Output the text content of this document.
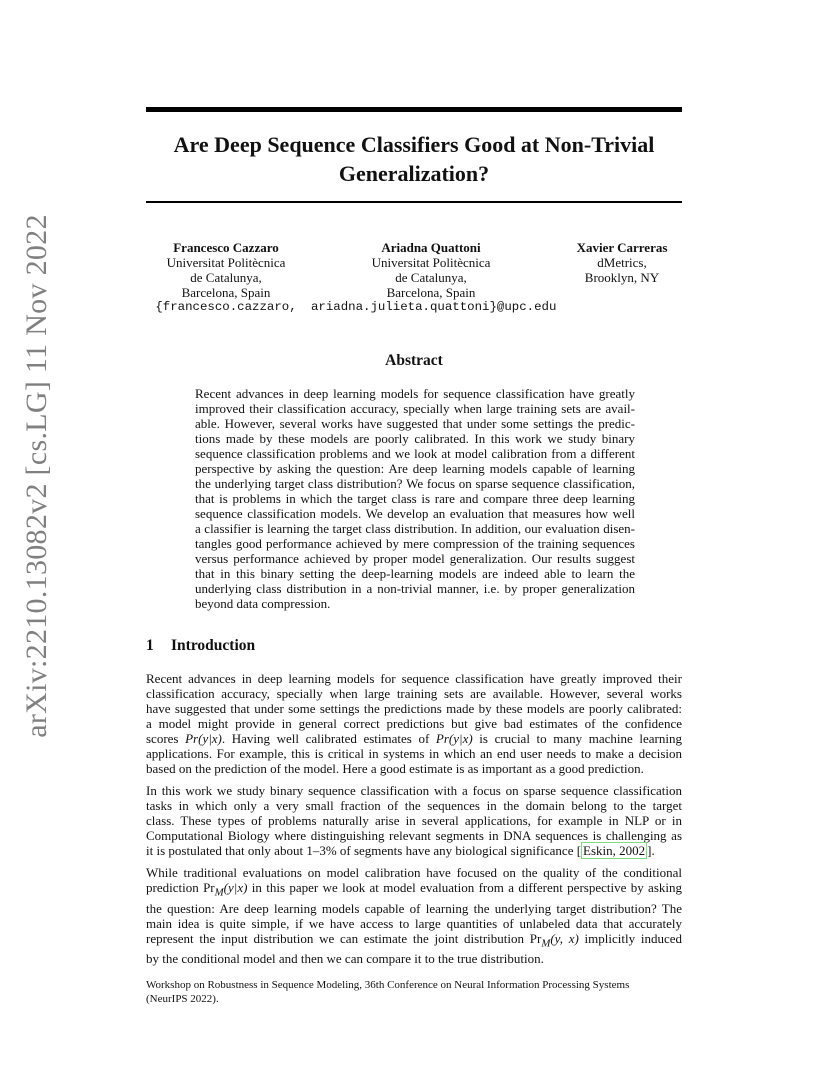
arXiv:2210.13082v2 [cs.LG] 11 Nov 2022
Are Deep Sequence Classifiers Good at Non-Trivial
Generalization?
Francesco Cazzaro
Universitat Politècnica
de Catalunya,
Barcelona, Spain
{francesco.cazzaro,
Ariadna Quattoni
Universitat Politècnica
de Catalunya,
Barcelona, Spain
ariadna.julieta.quattoni}@upc.edu
Xavier Carreras
dMetrics,
Brooklyn, NY
Abstract
Recent advances in deep learning models for sequence classification have greatly
improved their classification accuracy, specially when large training sets are avail-
able. However, several works have suggested that under some settings the predic-
tions made by these models are poorly calibrated. In this work we study binary
sequence classification problems and we look at model calibration from a different
perspective by asking the question: Are deep learning models capable of learning
the underlying target class distribution? We focus on sparse sequence classification,
that is problems in which the target class is rare and compare three deep learning
sequence classification models. We develop an evaluation that measures how well
a classifier is learning the target class distribution. In addition, our evaluation disen-
tangles good performance achieved by mere compression of the training sequences
versus performance achieved by proper model generalization. Our results suggest
that in this binary setting the deep-learning models are indeed able to learn the
underlying class distribution in a non-trivial manner, i.e. by proper generalization
beyond data compression.
1 Introduction
Recent advances in deep learning models for sequence classification have greatly improved their
classification accuracy, specially when large training sets are available. However, several works
have suggested that under some settings the predictions made by these models are poorly calibrated:
a model might provide in general correct predictions but give bad estimates of the confidence
scores Pr(y|x). Having well calibrated estimates of Pr(y|x) is crucial to many machine learning
applications. For example, this is critical in systems in which an end user needs to make a decision
based on the prediction of the model. Here a good estimate is as important as a good prediction.
In this work we study binary sequence classification with a focus on sparse sequence classification
tasks in which only a very small fraction of the sequences in the domain belong to the target
class. These types of problems naturally arise in several applications, for example in NLP or in
Computational Biology where distinguishing relevant segments in DNA sequences is challenging as
it is postulated that only about 1–3% of segments have any biological significance [ Eskin, 2002 ].
While traditional evaluations on model calibration have focused on the quality of the conditional
prediction $Pr_M(y|x)$ in this paper we look at model evaluation from a different perspective by asking
the question: Are deep learning models capable of learning the underlying target distribution? The
main idea is quite simple, if we have access to large quantities of unlabeled data that accurately
represent the input distribution we can estimate the joint distribution $Pr_M(y$, x) implicitly induced
by the conditional model and then we can compare it to the true distribution.
Workshop on Robustness in Sequence Modeling, 36th Conference on Neural Information Processing Systems
(NeurIPS 2022).
